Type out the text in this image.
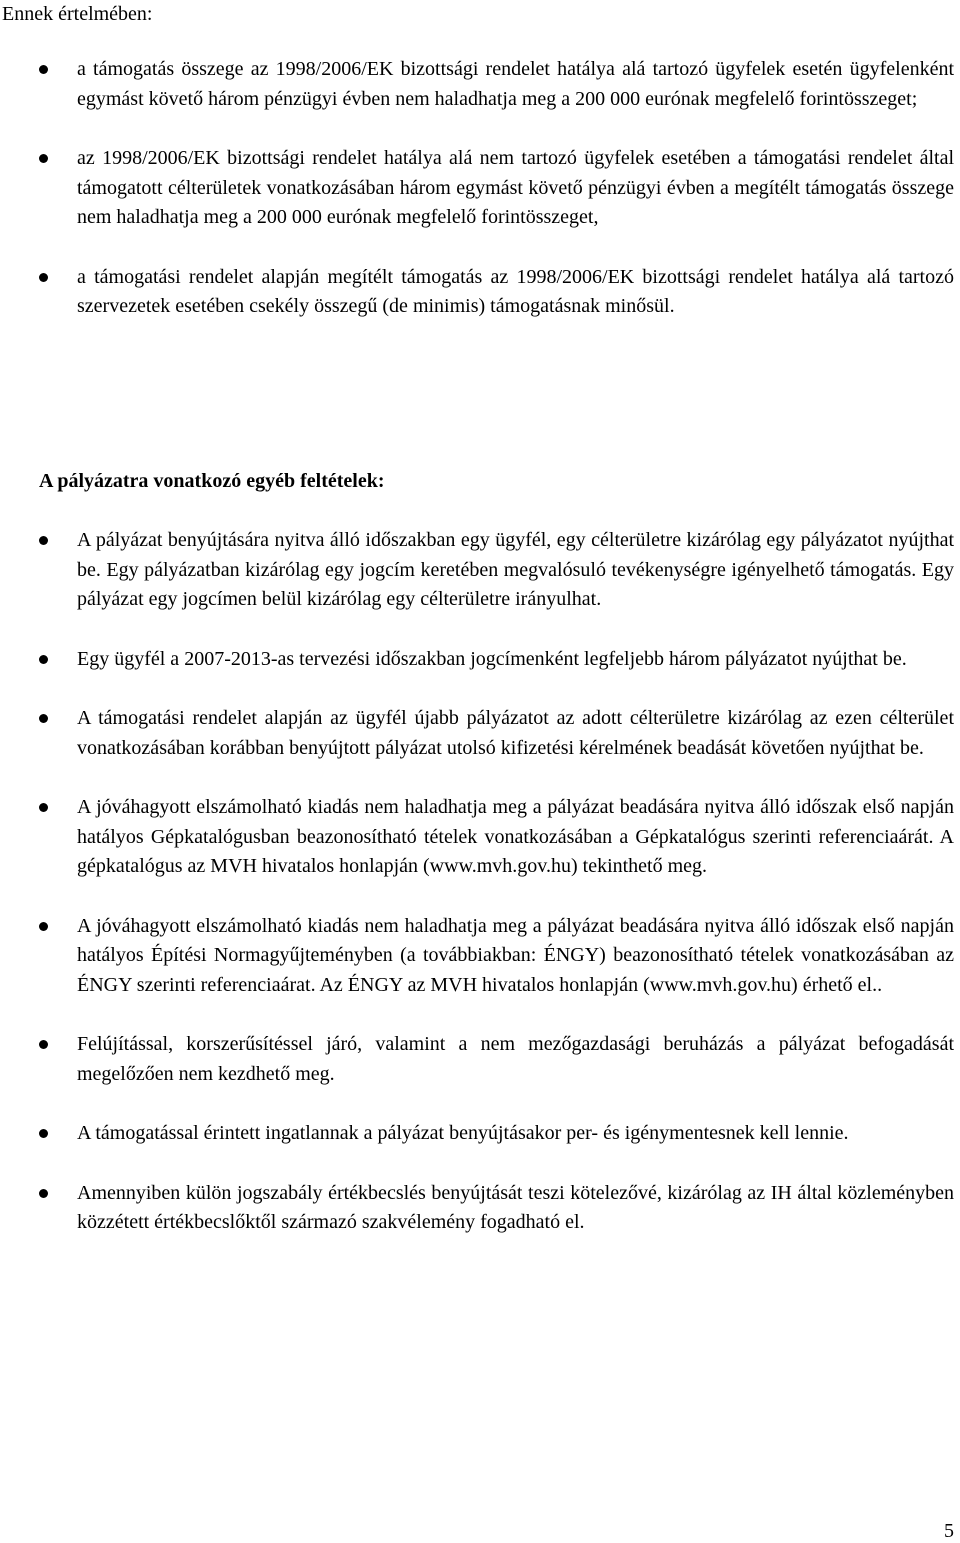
Ennek értelmében:
a támogatás összege az 1998/2006/EK bizottsági rendelet hatálya alá tartozó ügyfelek esetén ügyfelenként egymást követő három pénzügyi évben nem haladhatja meg a 200 000 eurónak megfelelő forintösszeget;
az 1998/2006/EK bizottsági rendelet hatálya alá nem tartozó ügyfelek esetében a támogatási rendelet által támogatott célterületek vonatkozásában három egymást követő pénzügyi évben a megítélt támogatás összege nem haladhatja meg a 200 000 eurónak megfelelő forintösszeget,
a támogatási rendelet alapján megítélt támogatás az 1998/2006/EK bizottsági rendelet hatálya alá tartozó szervezetek esetében csekély összegű (de minimis) támogatásnak minősül.
A pályázatra vonatkozó egyéb feltételek:
A pályázat benyújtására nyitva álló időszakban egy ügyfél, egy célterületre kizárólag egy pályázatot nyújthat be. Egy pályázatban kizárólag egy jogcím keretében megvalósuló tevékenységre igényelhető támogatás. Egy pályázat egy jogcímen belül kizárólag egy célterületre irányulhat.
Egy ügyfél a 2007-2013-as tervezési időszakban jogcímenként legfeljebb három pályázatot nyújthat be.
A támogatási rendelet alapján az ügyfél újabb pályázatot az adott célterületre kizárólag az ezen célterület vonatkozásában korábban benyújtott pályázat utolsó kifizetési kérelmének beadását követően nyújthat be.
A jóváhagyott elszámolható kiadás nem haladhatja meg a pályázat beadására nyitva álló időszak első napján hatályos Gépkatalógusban beazonosítható tételek vonatkozásában a Gépkatalógus szerinti referenciaárát. A gépkatalógus az MVH hivatalos honlapján (www.mvh.gov.hu) tekinthető meg.
A jóváhagyott elszámolható kiadás nem haladhatja meg a pályázat beadására nyitva álló időszak első napján hatályos Építési Normagyűjteményben (a továbbiakban: ÉNGY) beazonosítható tételek vonatkozásában az ÉNGY szerinti referenciaárat. Az ÉNGY az MVH hivatalos honlapján (www.mvh.gov.hu) érhető el..
Felújítással, korszerűsítéssel járó, valamint a nem mezőgazdasági beruházás a pályázat befogadását megelőzően nem kezdhető meg.
A támogatással érintett ingatlannak a pályázat benyújtásakor per- és igénymentesnek kell lennie.
Amennyiben külön jogszabály értékbecslés benyújtását teszi kötelezővé, kizárólag az IH által közleményben közzétett értékbecslőktől származó szakvélemény fogadható el.
5
